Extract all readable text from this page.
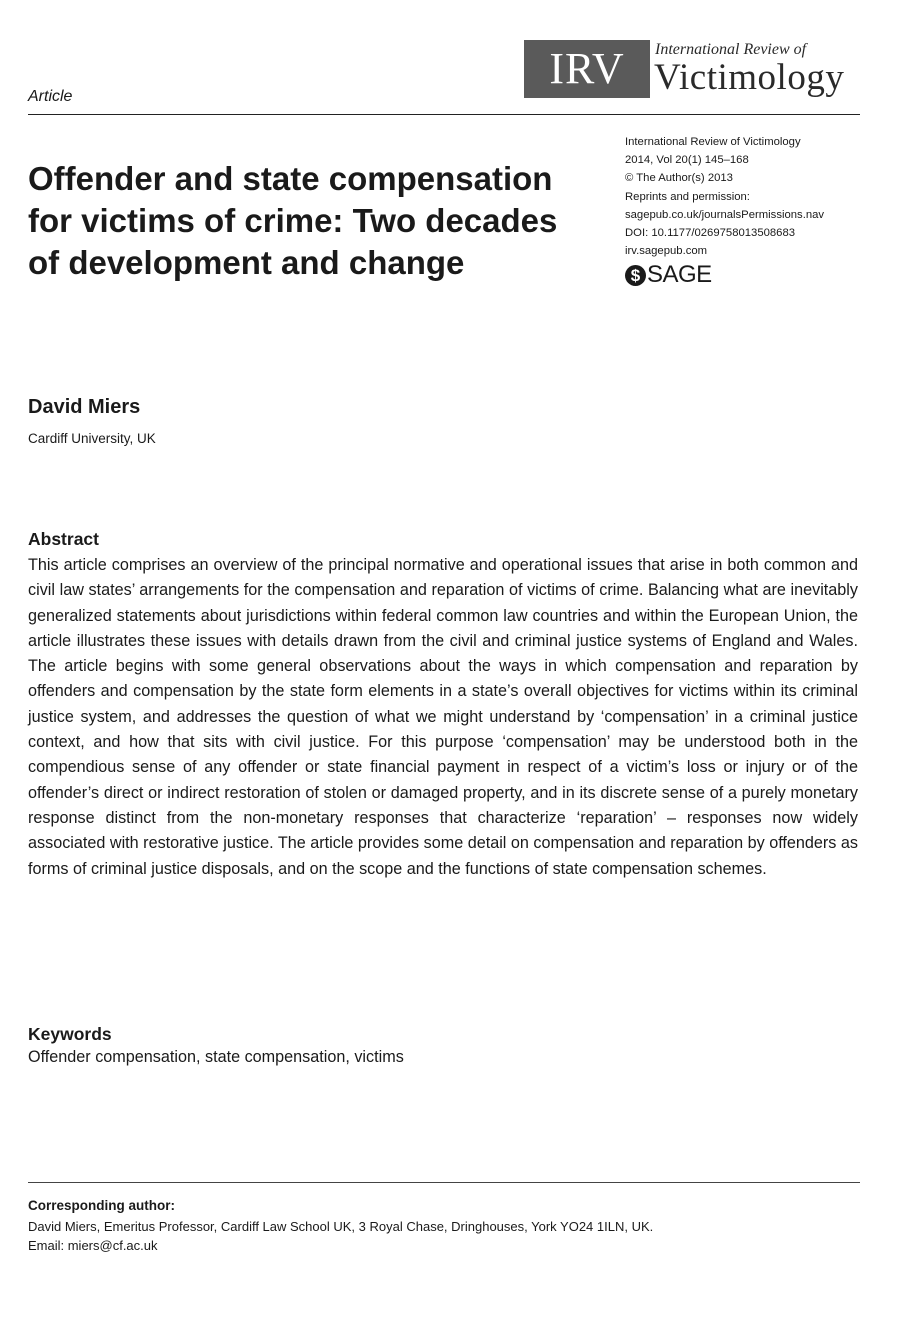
IRV	International Review of
Victimology
Article
International Review of Victimology
2014, Vol 20(1) 145–168
© The Author(s) 2013
Reprints and permission:
sagepub.co.uk/journalsPermissions.nav
DOI: 10.1177/0269758013508683
irv.sagepub.com
$ SAGE
Offender and state compensation for victims of crime: Two decades of development and change
David Miers
Cardiff University, UK
Abstract

This article comprises an overview of the principal normative and operational issues that arise in both common and civil law states’ arrangements for the compensation and reparation of victims of crime. Balancing what are inevitably generalized statements about jurisdictions within federal common law countries and within the European Union, the article illustrates these issues with details drawn from the civil and criminal justice systems of England and Wales. The article begins with some general observations about the ways in which compensation and reparation by offenders and compensation by the state form elements in a state’s overall objectives for victims within its criminal justice system, and addresses the question of what we might understand by ‘compensation’ in a criminal justice context, and how that sits with civil justice. For this purpose ‘compensation’ may be understood both in the compendious sense of any offender or state financial payment in respect of a victim’s loss or injury or of the offender’s direct or indirect restoration of stolen or damaged property, and in its discrete sense of a purely monetary response distinct from the non-monetary responses that characterize ‘reparation’ – responses now widely associated with restorative justice. The article provides some detail on compensation and reparation by offenders as forms of criminal justice disposals, and on the scope and the functions of state compensation schemes.

Keywords
Offender compensation, state compensation, victims
Corresponding author:
David Miers, Emeritus Professor, Cardiff Law School UK, 3 Royal Chase, Dringhouses, York YO24 1ILN, UK.
Email: miers@cf.ac.uk
